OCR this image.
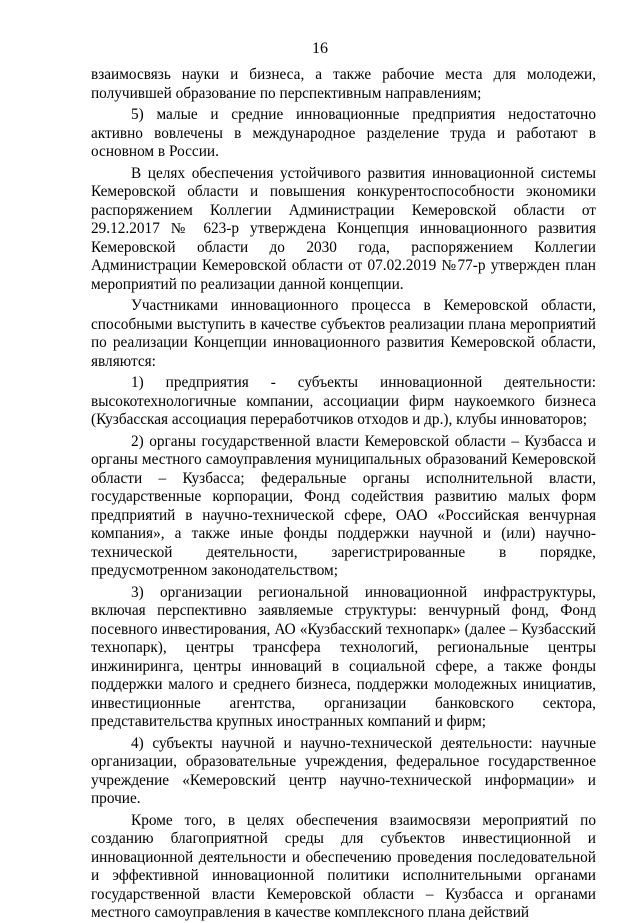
16

взаимосвязь науки и бизнеса, а также рабочие места для молодежи, получившей образование по перспективным направлениям;

5) малые и средние инновационные предприятия недостаточно активно вовлечены в международное разделение труда и работают в основном в России.

В целях обеспечения устойчивого развития инновационной системы Кемеровской области и повышения конкурентоспособности экономики распоряжением Коллегии Администрации Кемеровской области от 29.12.2017 № 623-р утверждена Концепция инновационного развития Кемеровской области до 2030 года, распоряжением Коллегии Администрации Кемеровской области от 07.02.2019 №77-р утвержден план мероприятий по реализации данной концепции.

Участниками инновационного процесса в Кемеровской области, способными выступить в качестве субъектов реализации плана мероприятий по реализации Концепции инновационного развития Кемеровской области, являются:

1) предприятия - субъекты инновационной деятельности: высокотехнологичные компании, ассоциации фирм наукоемкого бизнеса (Кузбасская ассоциация переработчиков отходов и др.), клубы инноваторов;

2) органы государственной власти Кемеровской области – Кузбасса и органы местного самоуправления муниципальных образований Кемеровской области – Кузбасса; федеральные органы исполнительной власти, государственные корпорации, Фонд содействия развитию малых форм предприятий в научно-технической сфере, ОАО «Российская венчурная компания», а также иные фонды поддержки научной и (или) научно-технической деятельности, зарегистрированные в порядке, предусмотренном законодательством;

3) организации региональной инновационной инфраструктуры, включая перспективно заявляемые структуры: венчурный фонд, Фонд посевного инвестирования, АО «Кузбасский технопарк» (далее – Кузбасский технопарк), центры трансфера технологий, региональные центры инжиниринга, центры инноваций в социальной сфере, а также фонды поддержки малого и среднего бизнеса, поддержки молодежных инициатив, инвестиционные агентства, организации банковского сектора, представительства крупных иностранных компаний и фирм;

4) субъекты научной и научно-технической деятельности: научные организации, образовательные учреждения, федеральное государственное учреждение «Кемеровский центр научно-технической информации» и прочие.

Кроме того, в целях обеспечения взаимосвязи мероприятий по созданию благоприятной среды для субъектов инвестиционной и инновационной деятельности и обеспечению проведения последовательной и эффективной инновационной политики исполнительными органами государственной власти Кемеровской области – Кузбасса и органами местного самоуправления в качестве комплексного плана действий
